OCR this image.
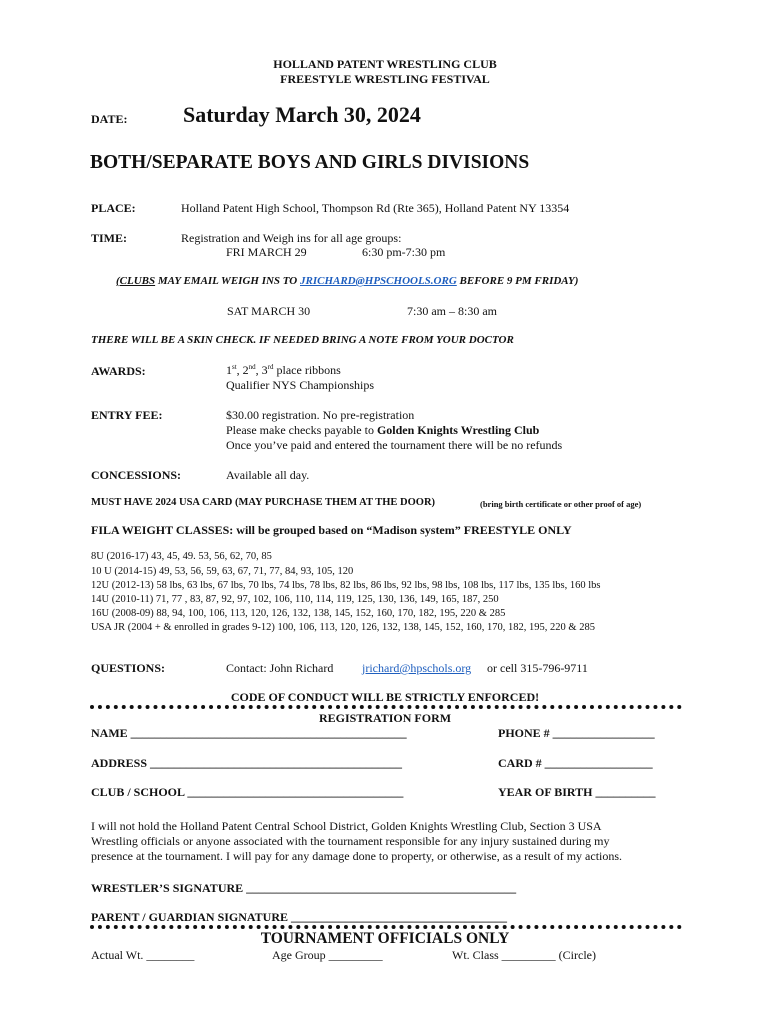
HOLLAND PATENT WRESTLING CLUB
FREESTYLE WRESTLING FESTIVAL
DATE:	Saturday March 30, 2024
BOTH/SEPARATE BOYS AND GIRLS DIVISIONS
PLACE:	Holland Patent High School, Thompson Rd (Rte 365), Holland Patent NY 13354
TIME:	Registration and Weigh ins for all age groups:
FRI MARCH 29	6:30 pm-7:30 pm
(CLUBS MAY EMAIL WEIGH INS TO JRICHARD@HPSCHOOLS.ORG BEFORE 9 PM FRIDAY)
SAT MARCH 30	7:30 am – 8:30 am
THERE WILL BE A SKIN CHECK. IF NEEDED BRING A NOTE FROM YOUR DOCTOR
AWARDS:	1st, 2nd, 3rd place ribbons
Qualifier NYS Championships
ENTRY FEE:	$30.00 registration. No pre-registration
Please make checks payable to Golden Knights Wrestling Club
Once you’ve paid and entered the tournament there will be no refunds
CONCESSIONS:	Available all day.
MUST HAVE 2024 USA CARD (MAY PURCHASE THEM AT THE DOOR)	(bring birth certificate or other proof of age)
FILA WEIGHT CLASSES: will be grouped based on “Madison system” FREESTYLE ONLY
8U (2016-17) 43, 45, 49. 53, 56, 62, 70, 85
10 U (2014-15) 49, 53, 56, 59, 63, 67, 71, 77, 84, 93, 105, 120
12U (2012-13) 58 lbs, 63 lbs, 67 lbs, 70 lbs, 74 lbs, 78 lbs, 82 lbs, 86 lbs, 92 lbs, 98 lbs, 108 lbs, 117 lbs, 135 lbs, 160 lbs
14U (2010-11) 71, 77 , 83, 87, 92, 97, 102, 106, 110, 114, 119, 125, 130, 136, 149, 165, 187, 250
16U (2008-09) 88, 94, 100, 106, 113, 120, 126, 132, 138, 145, 152, 160, 170, 182, 195, 220 & 285
USA JR (2004 + & enrolled in grades 9-12) 100, 106, 113, 120, 126, 132, 138, 145, 152, 160, 170, 182, 195, 220 & 285
QUESTIONS:	Contact: John Richard jrichard@hpschols.org or cell 315-796-9711
CODE OF CONDUCT WILL BE STRICTLY ENFORCED!
REGISTRATION FORM
NAME ______________________________________________	PHONE # _________________
ADDRESS __________________________________________	CARD # __________________
CLUB / SCHOOL ____________________________________	YEAR OF BIRTH __________
I will not hold the Holland Patent Central School District, Golden Knights Wrestling Club, Section 3 USA
Wrestling officials or anyone associated with the tournament responsible for any injury sustained during my
presence at the tournament. I will pay for any damage done to property, or otherwise, as a result of my actions.
WRESTLER’S SIGNATURE _____________________________________________
PARENT / GUARDIAN SIGNATURE ____________________________________
TOURNAMENT OFFICIALS ONLY
Actual Wt. ________	Age Group _________	Wt. Class _________ (Circle)
